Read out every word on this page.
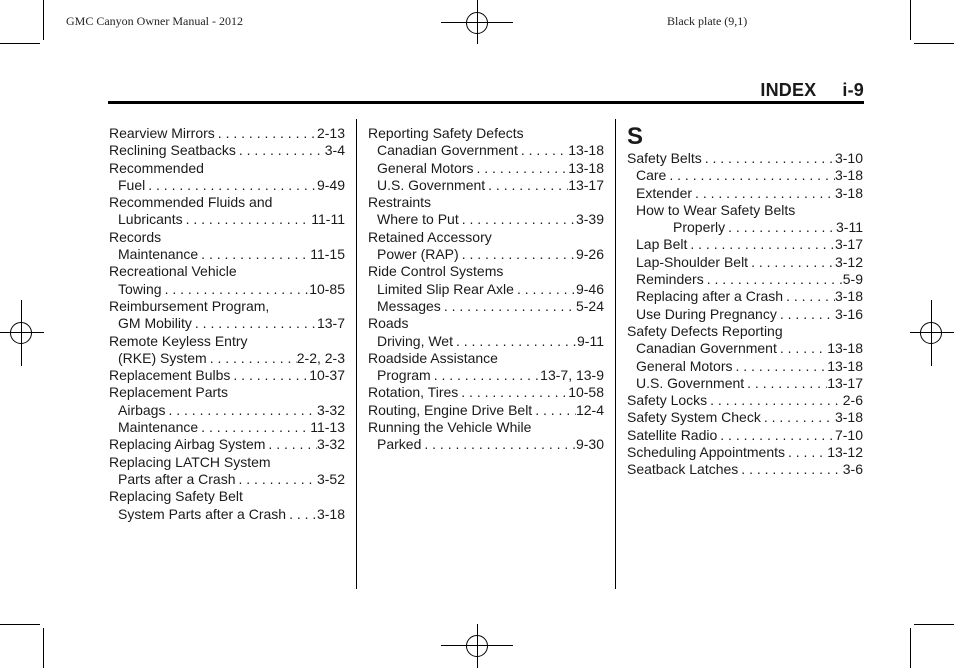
GMC Canyon Owner Manual - 2012	Black plate (9,1)
INDEX     i-9
Rearview Mirrors . . .	2-13
Reclining Seatbacks . . .	3-4
Recommended
Fuel . . .	9-49
Recommended Fluids and
Lubricants . . .	11-11
Records
Maintenance . . .	11-15
Recreational Vehicle
Towing . . .	10-85
Reimbursement Program,
GM Mobility . . .	13-7
Remote Keyless Entry
(RKE) System . . .	2-2, 2-3
Replacement Bulbs . . .	10-37
Replacement Parts
Airbags . . .	3-32
Maintenance . . .	11-13
Replacing Airbag System . . .	3-32
Replacing LATCH System
Parts after a Crash . . .	3-52
Replacing Safety Belt
System Parts after a Crash . . . 3-18
Reporting Safety Defects
Canadian Government . . .	13-18
General Motors . . .	13-18
U.S. Government . . .	13-17
Restraints
Where to Put . . .	3-39
Retained Accessory
Power (RAP) . . .	9-26
Ride Control Systems
Limited Slip Rear Axle . . .	9-46
Messages . . .	5-24
Roads
Driving, Wet . . .	9-11
Roadside Assistance
Program . . .	13-7, 13-9
Rotation, Tires . . .	10-58
Routing, Engine Drive Belt . . .	12-4
Running the Vehicle While
Parked . . .	9-30
S
Safety Belts . . .	3-10
Care . . .	3-18
Extender . . .	3-18
How to Wear Safety Belts
Properly . . .	3-11
Lap Belt . . .	3-17
Lap-Shoulder Belt . . .	3-12
Reminders . . .	5-9
Replacing after a Crash . . .	3-18
Use During Pregnancy . . .	3-16
Safety Defects Reporting
Canadian Government . . .	13-18
General Motors . . .	13-18
U.S. Government . . .	13-17
Safety Locks . . .	2-6
Safety System Check . . .	3-18
Satellite Radio . . .	7-10
Scheduling Appointments . . .	13-12
Seatback Latches . . .	3-6
